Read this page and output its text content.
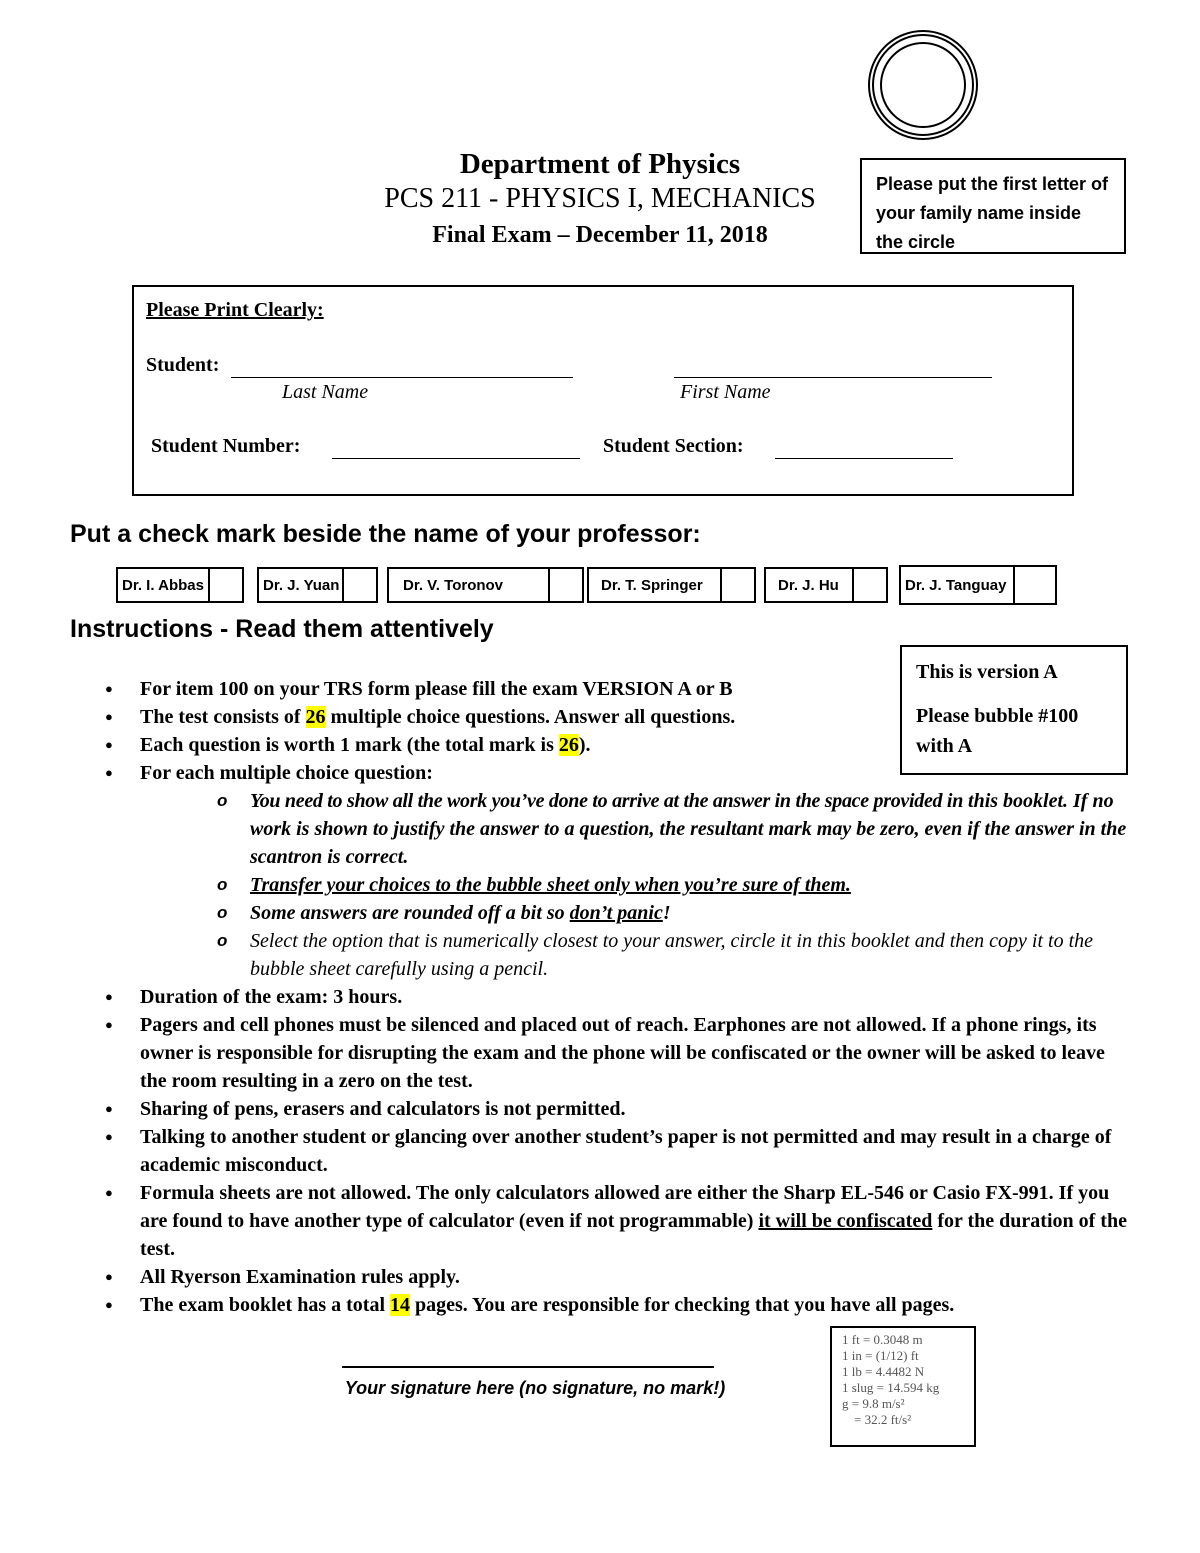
Please put the first letter of your family name inside the circle
Department of Physics
PCS 211 - PHYSICS I, MECHANICS
Final Exam – December 11, 2018
Please Print Clearly:
Student:
Last Name	First Name
Student Number:	Student Section:
Put a check mark beside the name of your professor:
Dr. I. Abbas	Dr. J. Yuan	Dr. V. Toronov	Dr. T. Springer	Dr. J. Hu	Dr. J. Tanguay
Instructions - Read them attentively
This is version A
Please bubble #100 with A
● For item 100 on your TRS form please fill the exam VERSION A or B
● The test consists of 26 multiple choice questions. Answer all questions.
● Each question is worth 1 mark (the total mark is 26).
● For each multiple choice question:
o You need to show all the work you’ve done to arrive at the answer in the space provided in this booklet. If no work is shown to justify the answer to a question, the resultant mark may be zero, even if the answer in the scantron is correct.
o Transfer your choices to the bubble sheet only when you’re sure of them.
o Some answers are rounded off a bit so don’t panic!
o Select the option that is numerically closest to your answer, circle it in this booklet and then copy it to the bubble sheet carefully using a pencil.
● Duration of the exam: 3 hours.
● Pagers and cell phones must be silenced and placed out of reach. Earphones are not allowed. If a phone rings, its owner is responsible for disrupting the exam and the phone will be confiscated or the owner will be asked to leave the room resulting in a zero on the test.
● Sharing of pens, erasers and calculators is not permitted.
● Talking to another student or glancing over another student’s paper is not permitted and may result in a charge of academic misconduct.
● Formula sheets are not allowed. The only calculators allowed are either the Sharp EL-546 or Casio FX-991. If you are found to have another type of calculator (even if not programmable) it will be confiscated for the duration of the test.
● All Ryerson Examination rules apply.
● The exam booklet has a total 14 pages. You are responsible for checking that you have all pages.
Your signature here (no signature, no mark!)
1 ft = 0.3048 m
1 in = (1/12) ft
1 lb = 4.4482 N
1 slug = 14.594 kg
g = 9.8 m/s²
= 32.2 ft/s²
